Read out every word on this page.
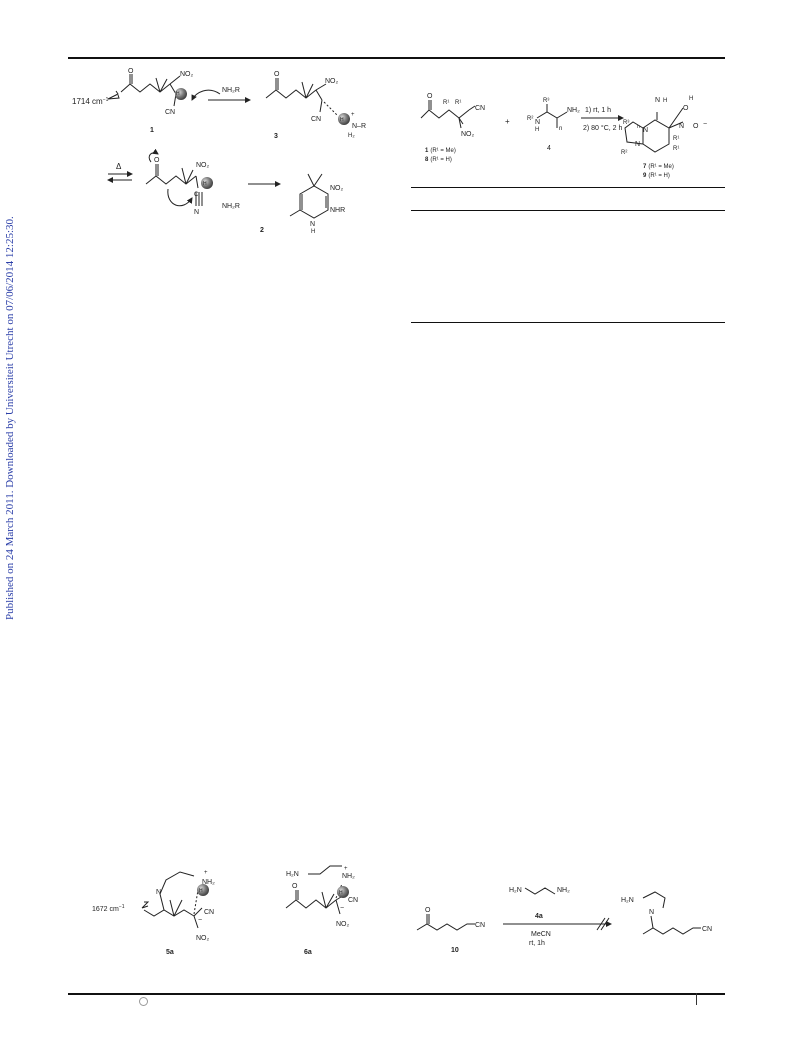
Published on 24 March 2011. Downloaded by Universiteit Utrecht on 07/06/2014 12:25:30.
1714 $cm^{-1}$
O
H
NO₂
CN
1
NH₂R
O
NO₂
CN	H
+
N–R
H₂
3
Δ
O
NO₂
H
C
N
NH₂R
NO₂
NHR
N
H
2
O
R¹ R¹
CN
NO₂
+	R² N
H
R³
n
NH₂
4
1) rt, 1 h
2) 80 °C, 2 h
1 (R¹ = Me)
8 (R¹ = H)
N H
O
H
N O −
R³
R²
R¹
R¹
N
N
n
7 (R¹ = Me)
9 (R¹ = H)
1672 $cm^{-1}$
N
+
NH₂
H
CN
−
NO₂
5a
H₂N
+
NH₂
H
O
CN
−
NO₂
6a
O
CN
10
H₂N	NH₂
4a
MeCN
rt, 1h
H₂N
N
CN
